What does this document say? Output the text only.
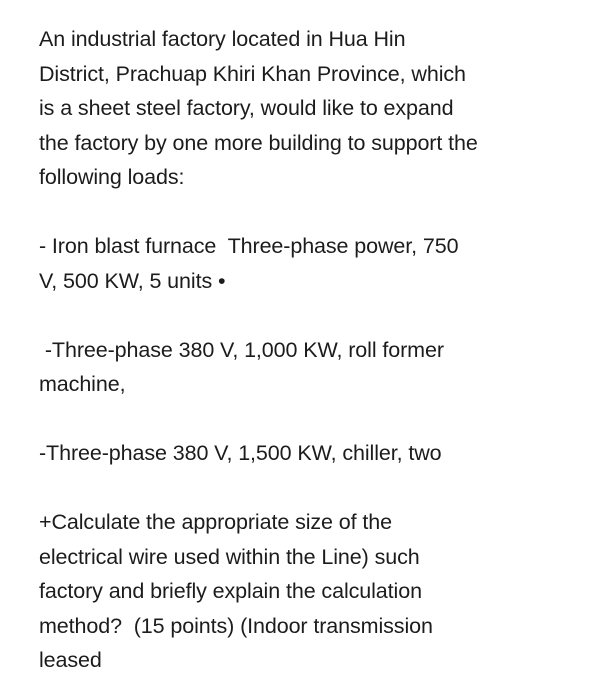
An industrial factory located in Hua Hin
District, Prachuap Khiri Khan Province, which
is a sheet steel factory, would like to expand
the factory by one more building to support the
following loads:

- Iron blast furnace  Three-phase power, 750
V, 500 KW, 5 units •

-Three-phase 380 V, 1,000 KW, roll former
machine,

-Three-phase 380 V, 1,500 KW, chiller, two

+Calculate the appropriate size of the
electrical wire used within the Line) such
factory and briefly explain the calculation
method?  (15 points) (Indoor transmission
leased
